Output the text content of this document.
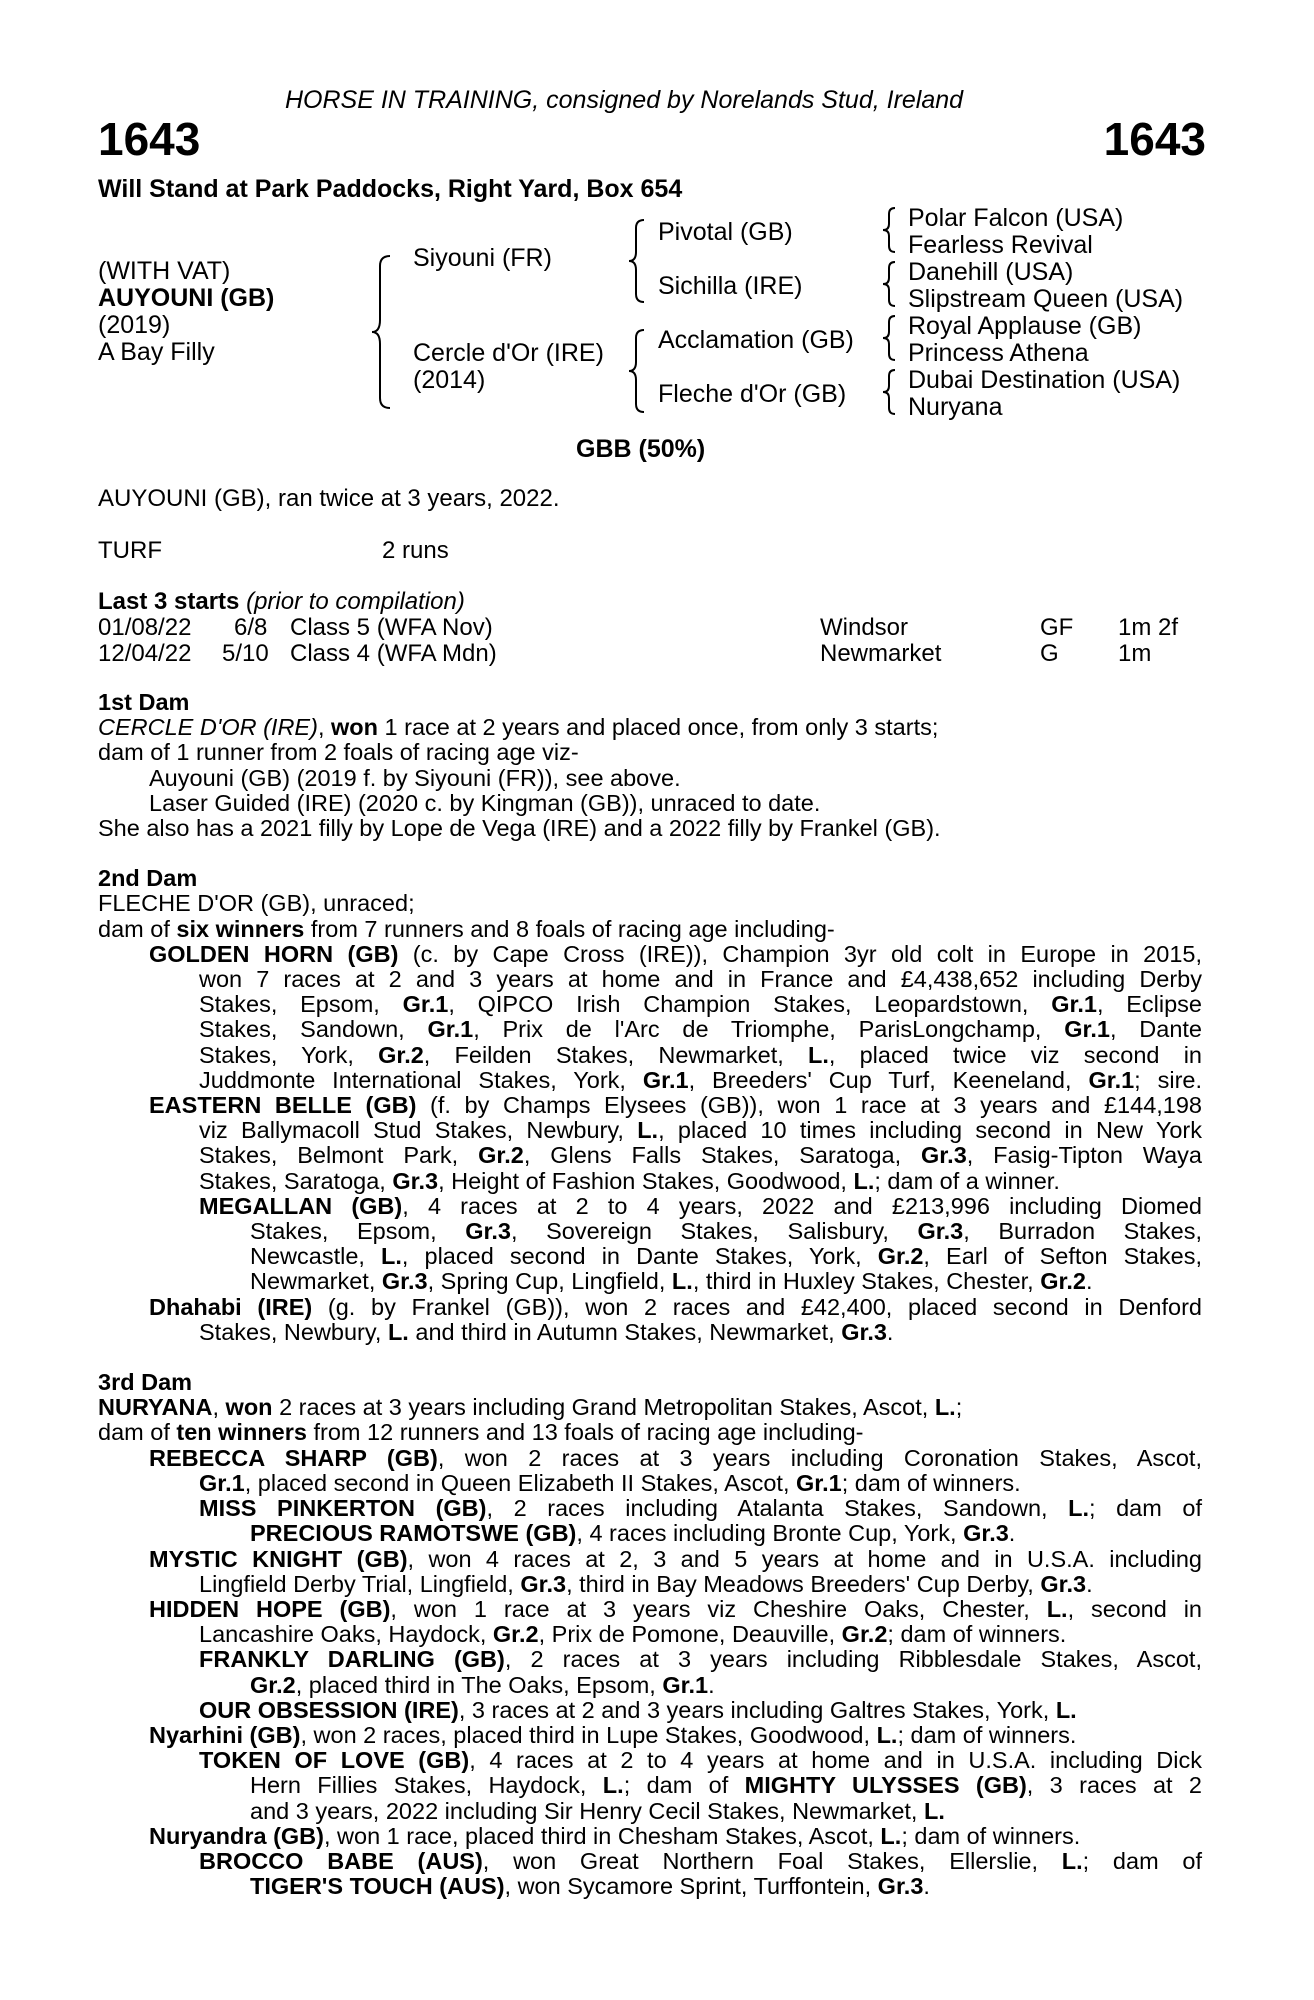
HORSE IN TRAINING, consigned by Norelands Stud, Ireland
1643	1643
Will Stand at Park Paddocks, Right Yard, Box 654
(WITH VAT)
AUYOUNI (GB)
(2019)
A Bay Filly
Siyouni (FR)
Cercle d'Or (IRE)
(2014)
Pivotal (GB)
Sichilla (IRE)
Acclamation (GB)
Fleche d'Or (GB)
Polar Falcon (USA)
Fearless Revival
Danehill (USA)
Slipstream Queen (USA)
Royal Applause (GB)
Princess Athena
Dubai Destination (USA)
Nuryana
GBB (50%)
AUYOUNI (GB), ran twice at 3 years, 2022.
TURF	2 runs
Last 3 starts (prior to compilation)
01/08/22 6/8 Class 5 (WFA Nov)	Windsor	GF 1m 2f
12/04/22 5/10 Class 4 (WFA Mdn)	Newmarket	G 1m
1st Dam
CERCLE D'OR (IRE), won 1 race at 2 years and placed once, from only 3 starts;
dam of 1 runner from 2 foals of racing age viz-
Auyouni (GB) (2019 f. by Siyouni (FR)), see above.
Laser Guided (IRE) (2020 c. by Kingman (GB)), unraced to date.
She also has a 2021 filly by Lope de Vega (IRE) and a 2022 filly by Frankel (GB).
2nd Dam
FLECHE D'OR (GB), unraced;
dam of six winners from 7 runners and 8 foals of racing age including-
GOLDEN HORN (GB) (c. by Cape Cross (IRE)), Champion 3yr old colt in Europe in 2015,
won 7 races at 2 and 3 years at home and in France and £4,438,652 including Derby
Stakes, Epsom, Gr.1, QIPCO Irish Champion Stakes, Leopardstown, Gr.1, Eclipse
Stakes, Sandown, Gr.1, Prix de l'Arc de Triomphe, ParisLongchamp, Gr.1, Dante
Stakes, York, Gr.2, Feilden Stakes, Newmarket, L., placed twice viz second in
Juddmonte International Stakes, York, Gr.1, Breeders' Cup Turf, Keeneland, Gr.1; sire.
EASTERN BELLE (GB) (f. by Champs Elysees (GB)), won 1 race at 3 years and £144,198
viz Ballymacoll Stud Stakes, Newbury, L., placed 10 times including second in New York
Stakes, Belmont Park, Gr.2, Glens Falls Stakes, Saratoga, Gr.3, Fasig-Tipton Waya
Stakes, Saratoga, Gr.3, Height of Fashion Stakes, Goodwood, L.; dam of a winner.
MEGALLAN (GB), 4 races at 2 to 4 years, 2022 and £213,996 including Diomed
Stakes, Epsom, Gr.3, Sovereign Stakes, Salisbury, Gr.3, Burradon Stakes,
Newcastle, L., placed second in Dante Stakes, York, Gr.2, Earl of Sefton Stakes,
Newmarket, Gr.3, Spring Cup, Lingfield, L., third in Huxley Stakes, Chester, Gr.2.
Dhahabi (IRE) (g. by Frankel (GB)), won 2 races and £42,400, placed second in Denford
Stakes, Newbury, L. and third in Autumn Stakes, Newmarket, Gr.3.
3rd Dam
NURYANA, won 2 races at 3 years including Grand Metropolitan Stakes, Ascot, L.;
dam of ten winners from 12 runners and 13 foals of racing age including-
REBECCA SHARP (GB), won 2 races at 3 years including Coronation Stakes, Ascot,
Gr.1, placed second in Queen Elizabeth II Stakes, Ascot, Gr.1; dam of winners.
MISS PINKERTON (GB), 2 races including Atalanta Stakes, Sandown, L.; dam of
PRECIOUS RAMOTSWE (GB), 4 races including Bronte Cup, York, Gr.3.
MYSTIC KNIGHT (GB), won 4 races at 2, 3 and 5 years at home and in U.S.A. including
Lingfield Derby Trial, Lingfield, Gr.3, third in Bay Meadows Breeders' Cup Derby, Gr.3.
HIDDEN HOPE (GB), won 1 race at 3 years viz Cheshire Oaks, Chester, L., second in
Lancashire Oaks, Haydock, Gr.2, Prix de Pomone, Deauville, Gr.2; dam of winners.
FRANKLY DARLING (GB), 2 races at 3 years including Ribblesdale Stakes, Ascot,
Gr.2, placed third in The Oaks, Epsom, Gr.1.
OUR OBSESSION (IRE), 3 races at 2 and 3 years including Galtres Stakes, York, L.
Nyarhini (GB), won 2 races, placed third in Lupe Stakes, Goodwood, L.; dam of winners.
TOKEN OF LOVE (GB), 4 races at 2 to 4 years at home and in U.S.A. including Dick
Hern Fillies Stakes, Haydock, L.; dam of MIGHTY ULYSSES (GB), 3 races at 2
and 3 years, 2022 including Sir Henry Cecil Stakes, Newmarket, L.
Nuryandra (GB), won 1 race, placed third in Chesham Stakes, Ascot, L.; dam of winners.
BROCCO BABE (AUS), won Great Northern Foal Stakes, Ellerslie, L.; dam of
TIGER'S TOUCH (AUS), won Sycamore Sprint, Turffontein, Gr.3.
